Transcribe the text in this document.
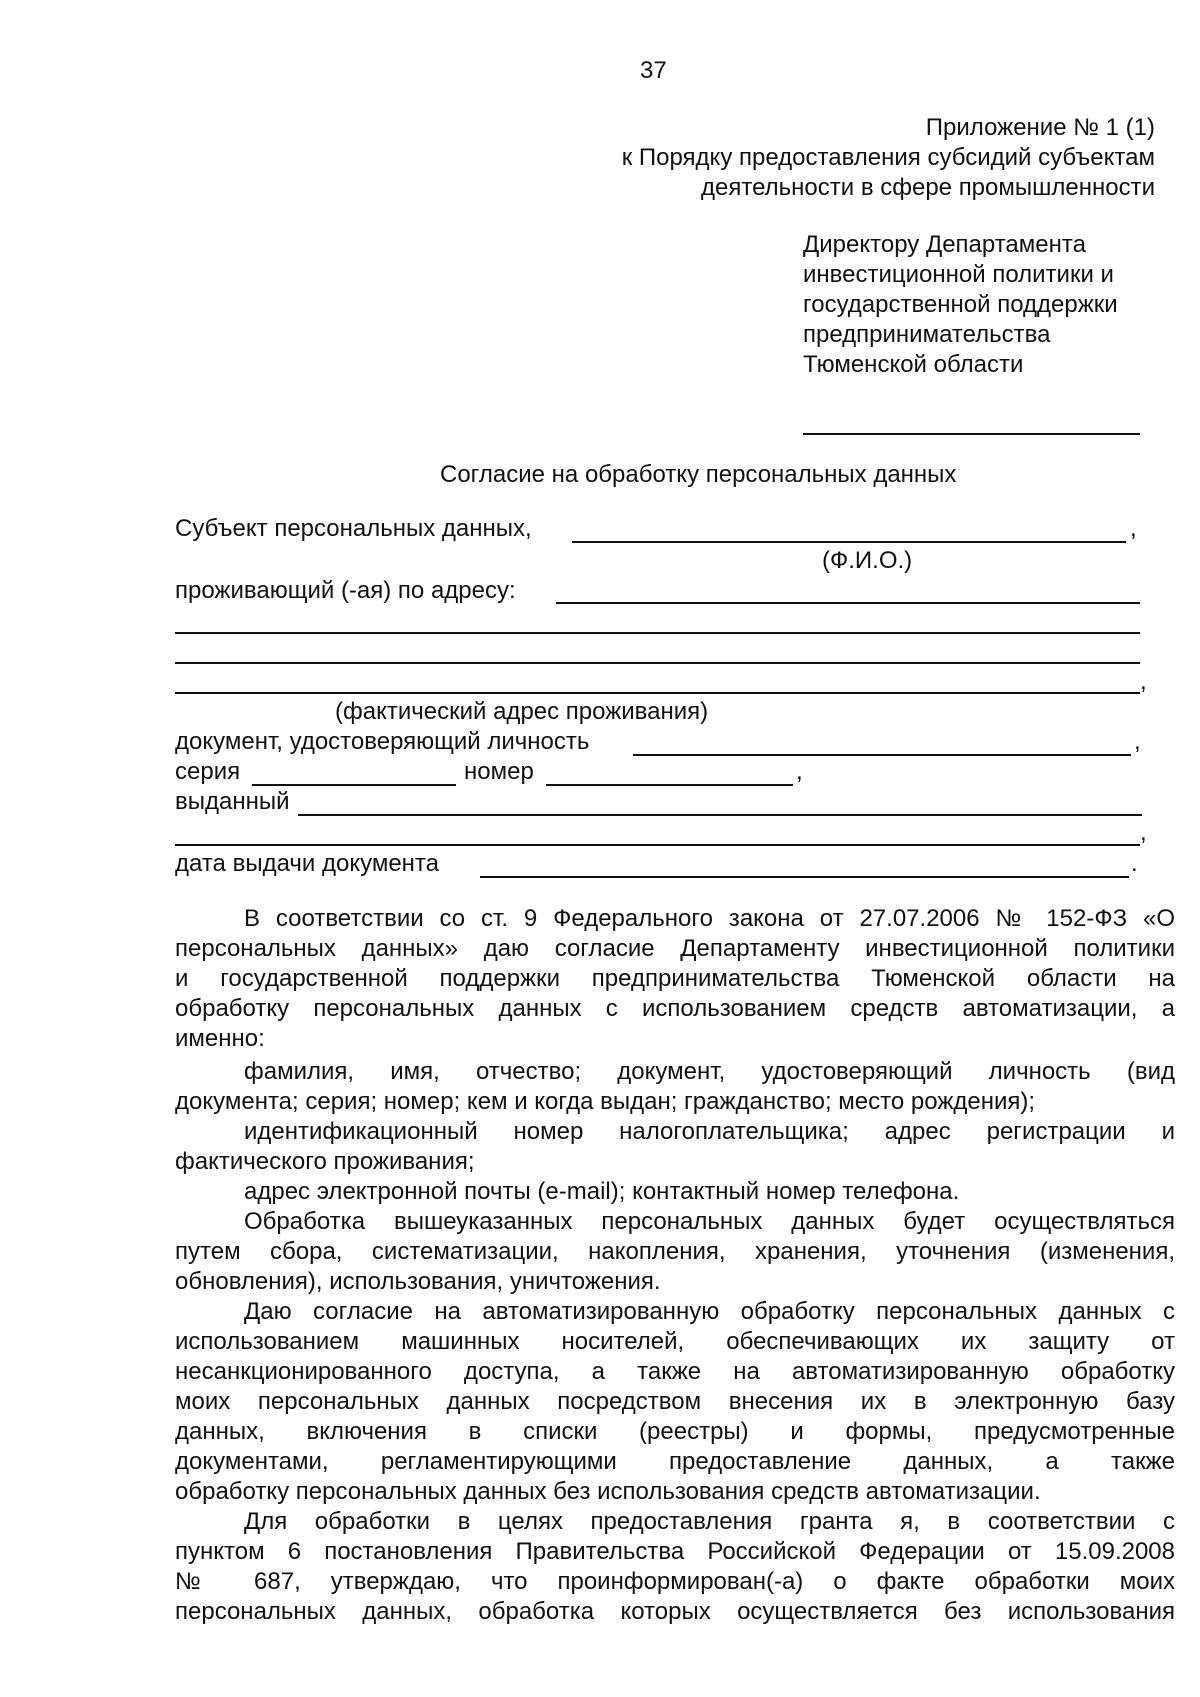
37
Приложение № 1 (1)
к Порядку предоставления субсидий субъектам
деятельности в сфере промышленности
Директору Департамента
инвестиционной политики и
государственной поддержки
предпринимательства
Тюменской области
Согласие на обработку персональных данных
Субъект персональных данных,	,
(Ф.И.О.)
проживающий (-ая) по адресу:
,
(фактический адрес проживания)
документ, удостоверяющий личность	,
серия	номер	,
выданный
,
дата выдачи документа	.
В соответствии со ст. 9 Федерального закона от 27.07.2006 № 152-ФЗ «О
персональных данных» даю согласие Департаменту инвестиционной политики
и государственной поддержки предпринимательства Тюменской области на
обработку персональных данных с использованием средств автоматизации, а
именно:
фамилия, имя, отчество; документ, удостоверяющий личность (вид
документа; серия; номер; кем и когда выдан; гражданство; место рождения);
идентификационный номер налогоплательщика; адрес регистрации и
фактического проживания;
адрес электронной почты (e-mail); контактный номер телефона.
Обработка вышеуказанных персональных данных будет осуществляться
путем сбора, систематизации, накопления, хранения, уточнения (изменения,
обновления), использования, уничтожения.
Даю согласие на автоматизированную обработку персональных данных с
использованием машинных носителей, обеспечивающих их защиту от
несанкционированного доступа, а также на автоматизированную обработку
моих персональных данных посредством внесения их в электронную базу
данных, включения в списки (реестры) и формы, предусмотренные
документами, регламентирующими предоставление данных, а также
обработку персональных данных без использования средств автоматизации.
Для обработки в целях предоставления гранта я, в соответствии с
пунктом 6 постановления Правительства Российской Федерации от 15.09.2008
№ 687, утверждаю, что проинформирован(-а) о факте обработки моих
персональных данных, обработка которых осуществляется без использования
